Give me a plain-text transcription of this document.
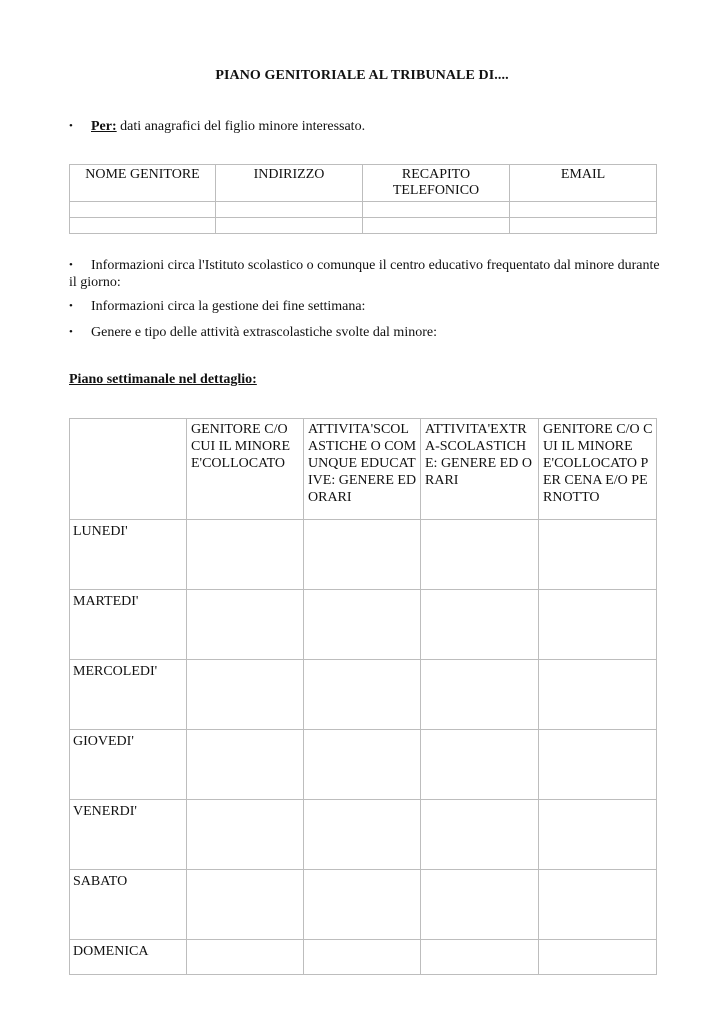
PIANO GENITORIALE AL TRIBUNALE DI....
• Per: dati anagrafici del figlio minore interessato.
NOME GENITORE	INDIRIZZO	RECAPITO TELEFONICO	EMAIL

• Informazioni circa l'Istituto scolastico o comunque il centro educativo frequentato dal minore durante il giorno:
• Informazioni circa la gestione dei fine settimana:
• Genere e tipo delle attività extrascolastiche svolte dal minore:
Piano settimanale nel dettaglio:
	GENITORE C/O CUI IL MINORE E'COLLOCATO	ATTIVITA'SCOLASTICHE O COMUNQUE EDUCATIVE: GENERE ED ORARI	ATTIVITA'EXTRA-SCOLASTICHE: GENERE ED ORARI	GENITORE C/O CUI IL MINORE E'COLLOCATO PER CENA E/O PERNOTTO
LUNEDI'				
MARTEDI'				
MERCOLEDI'				
GIOVEDI'				
VENERDI'				
SABATO				
DOMENICA				
